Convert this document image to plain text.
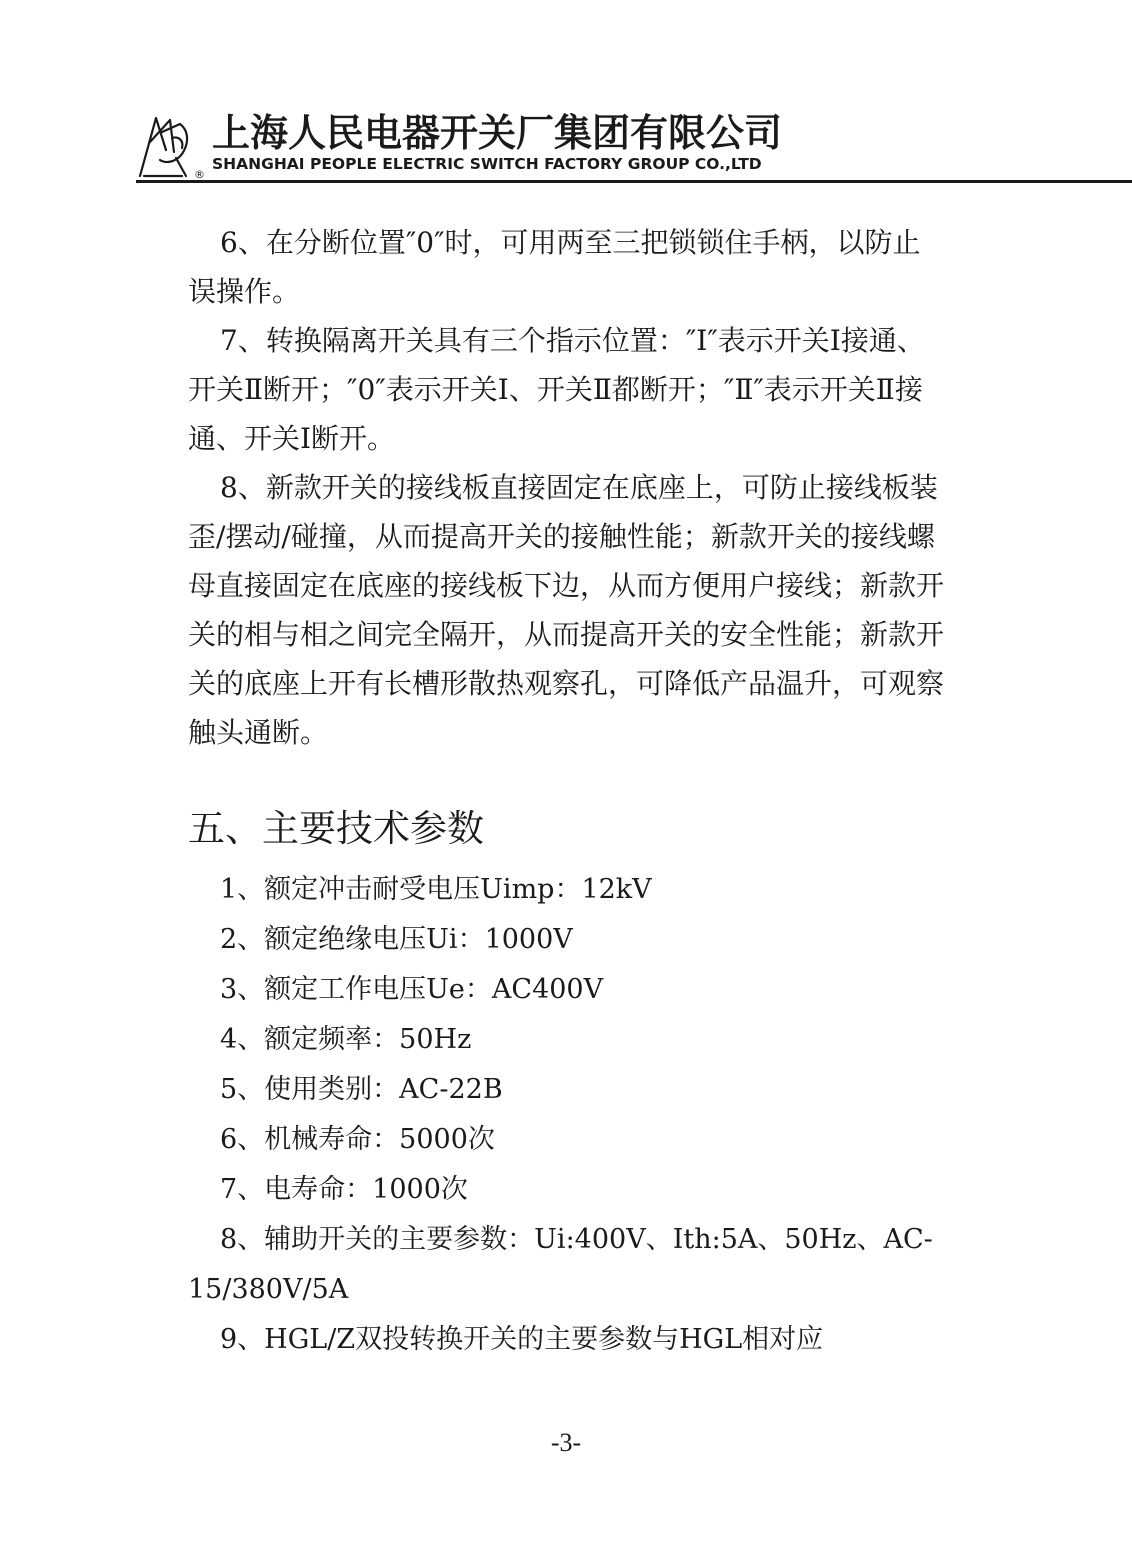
®
上海人民电器开关厂集团有限公司
SHANGHAI PEOPLE ELECTRIC SWITCH FACTORY GROUP CO.,LTD

6、在分断位置″0″时，可用两至三把锁锁住手柄，以防止误操作。

7、转换隔离开关具有三个指示位置：″Ⅰ″表示开关Ⅰ接通、开关Ⅱ断开；″0″表示开关Ⅰ、开关Ⅱ都断开；″Ⅱ″表示开关Ⅱ接通、开关Ⅰ断开。

8、新款开关的接线板直接固定在底座上，可防止接线板装歪/摆动/碰撞，从而提高开关的接触性能；新款开关的接线螺母直接固定在底座的接线板下边，从而方便用户接线；新款开关的相与相之间完全隔开，从而提高开关的安全性能；新款开关的底座上开有长槽形散热观察孔，可降低产品温升，可观察触头通断。

五、主要技术参数

1、额定冲击耐受电压Uimp：12kV

2、额定绝缘电压Ui：1000V

3、额定工作电压Ue：AC400V

4、额定频率：50Hz

5、使用类别：AC-22B

6、机械寿命：5000次

7、电寿命：1000次

8、辅助开关的主要参数：Ui:400V、Ith:5A、50Hz、AC-15/380V/5A

9、HGL/Z双投转换开关的主要参数与HGL相对应

-3-
